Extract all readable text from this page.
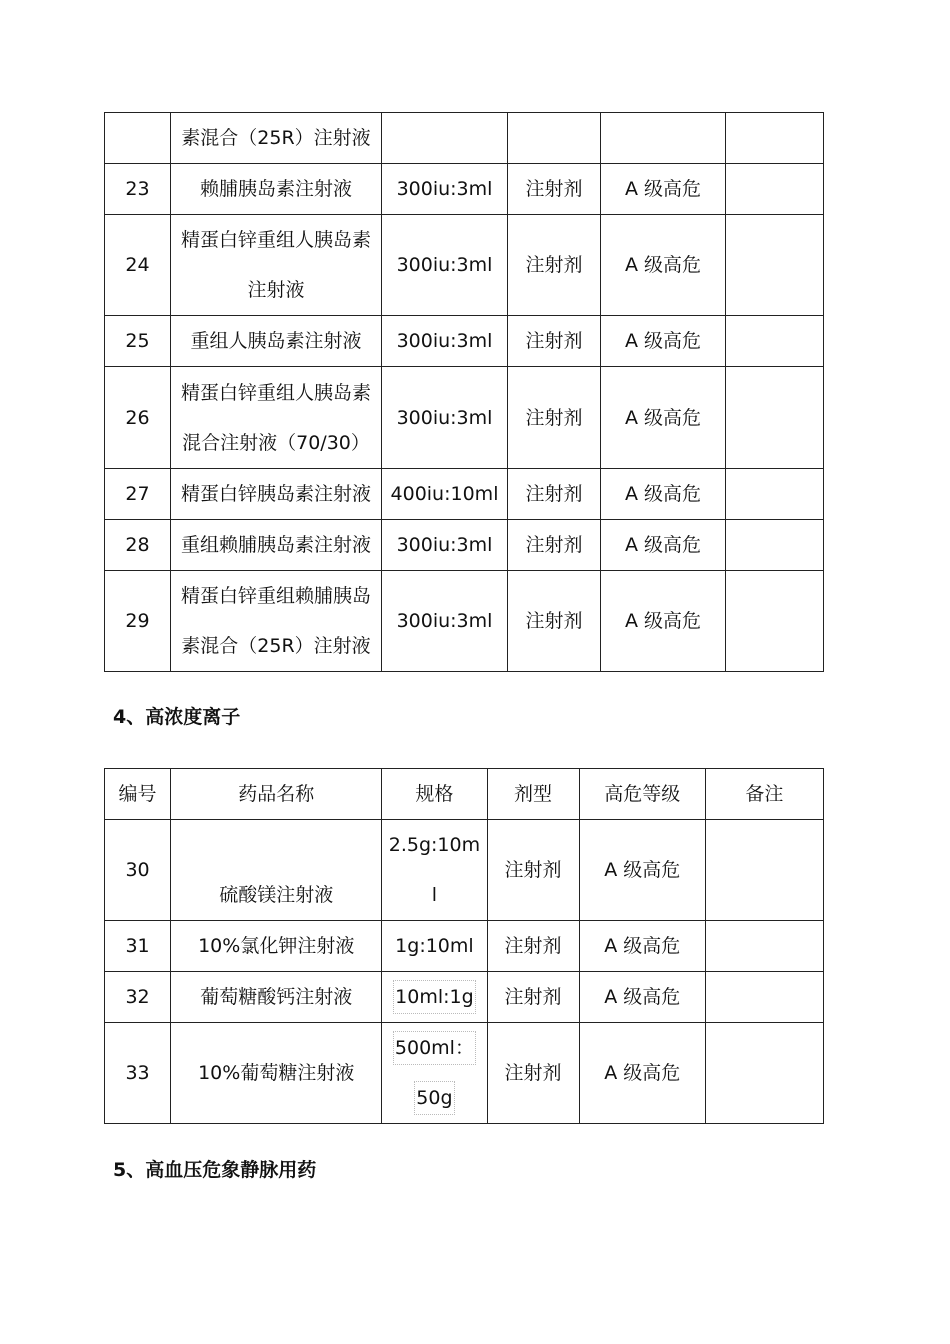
	素混合（25R）注射液				

23	赖脯胰岛素注射液	300iu:3ml	注射剂	A 级高危	
24	精蛋白锌重组人胰岛素
注射液	300iu:3ml	注射剂	A 级高危	
25	重组人胰岛素注射液	300iu:3ml	注射剂	A 级高危	
26	精蛋白锌重组人胰岛素
混合注射液（70/30）	300iu:3ml	注射剂	A 级高危	
27	精蛋白锌胰岛素注射液	400iu:10ml	注射剂	A 级高危	
28	重组赖脯胰岛素注射液	300iu:3ml	注射剂	A 级高危	
29	精蛋白锌重组赖脯胰岛
素混合（25R）注射液	300iu:3ml	注射剂	A 级高危	
4、高浓度离子
编号	药品名称	规格	剂型	高危等级	备注
30	硫酸镁注射液	2.5g:10m
l	注射剂	A 级高危	
31	10%氯化钾注射液	1g:10ml	注射剂	A 级高危	
32	葡萄糖酸钙注射液	10ml:1g	注射剂	A 级高危	
33	10%葡萄糖注射液	500ml：
50g	注射剂	A 级高危	
5、高血压危象静脉用药
